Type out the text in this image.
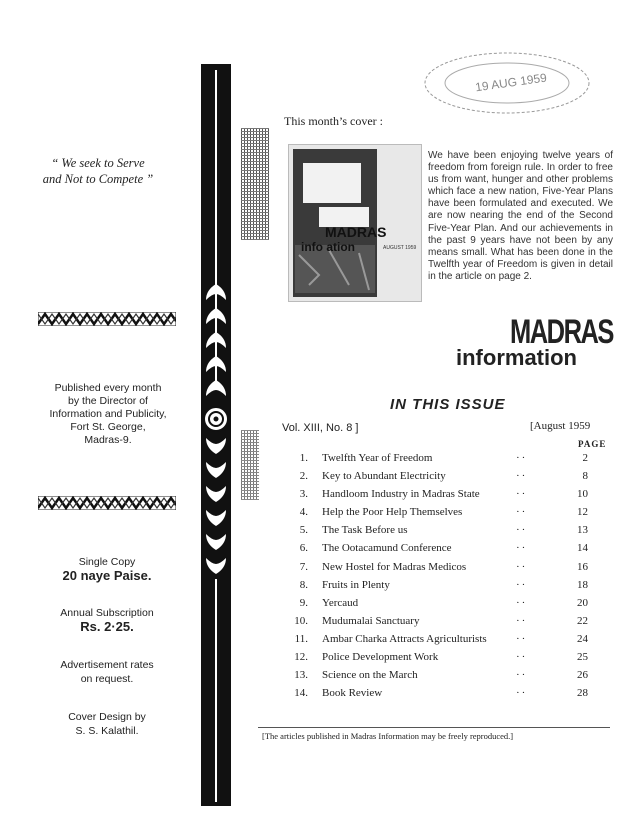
19 AUG 1959
“ We seek to Serve
and Not to Compete ”
Published every month
by the Director of
Information and Publicity,
Fort St. George,
Madras-9.
Single Copy
20 naye Paise.
Annual Subscription
Rs. 2·25.
Advertisement rates
on request.
Cover Design by
S. S. Kalathil.
This month’s cover :
MADRAS
info ation	AUGUST 1959
We have been enjoying twelve years of freedom from foreign rule. In order to free us from want, hunger and other problems which face a new nation, Five-Year Plans have been formulated and executed. We are now nearing the end of the Second Five-Year Plan. And our achievements in the past 9 years have not been by any means small. What has been done in the Twelfth year of Freedom is given in detail in the article on page 2.
MADRAS
information
IN THIS ISSUE
Vol. XIII, No. 8 ]	[August 1959
PAGE
1. Twelfth Year of Freedom	··	2
2. Key to Abundant Electricity	··	8
3. Handloom Industry in Madras State	··	10
4. Help the Poor Help Themselves	··	12
5. The Task Before us	··	13
6. The Ootacamund Conference	··	14
7. New Hostel for Madras Medicos	··	16
8. Fruits in Plenty	··	18
9. Yercaud	··	20
10. Mudumalai Sanctuary	··	22
11. Ambar Charka Attracts Agriculturists	··	24
12. Police Development Work	··	25
13. Science on the March	··	26
14. Book Review	··	28
[The articles published in Madras Information may be freely reproduced.]
